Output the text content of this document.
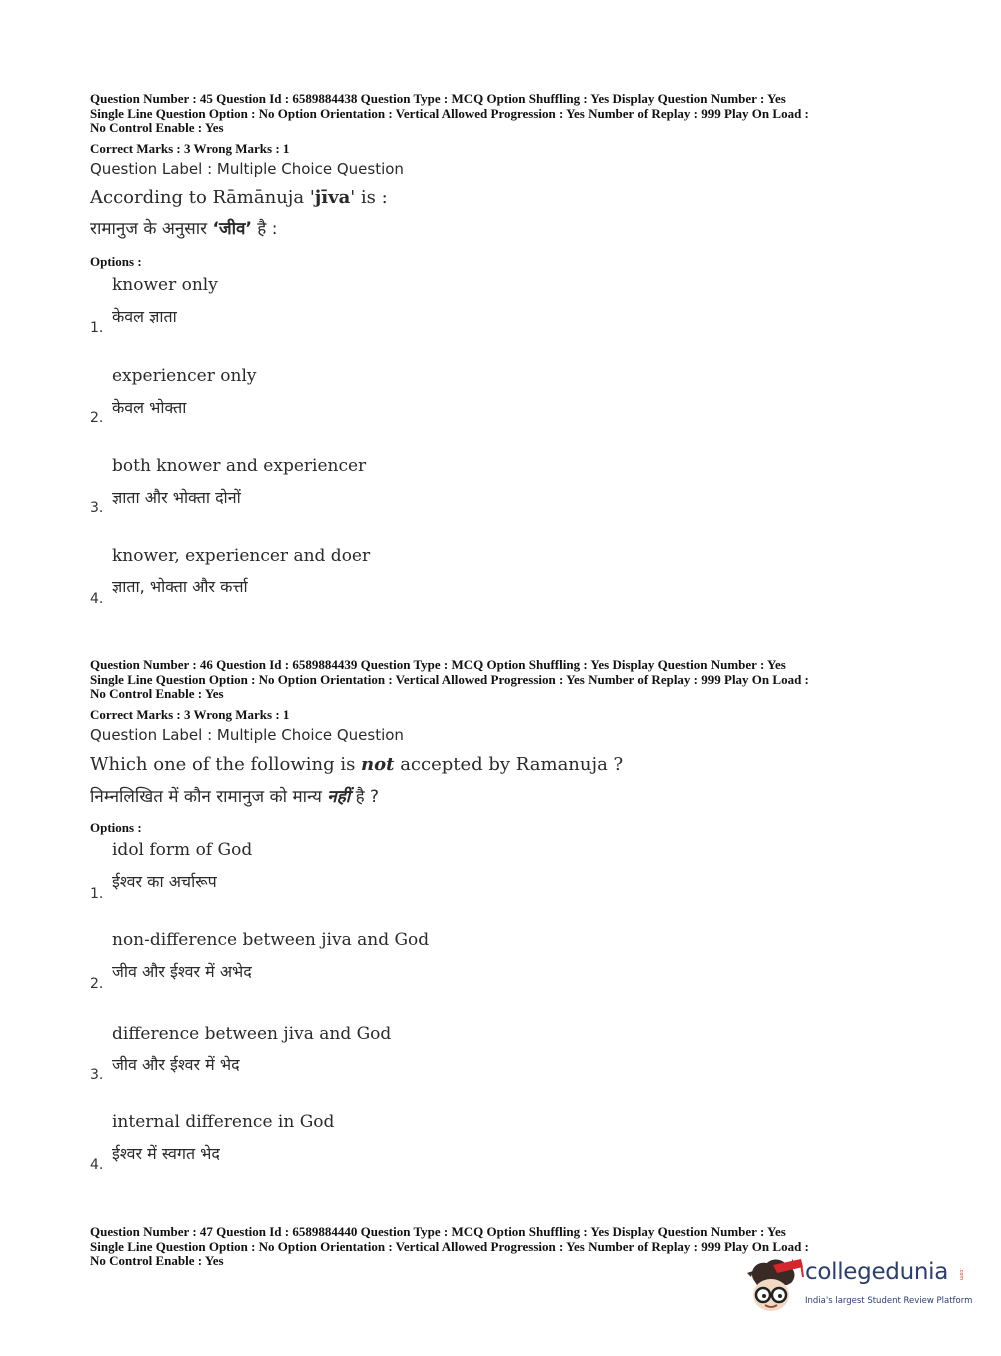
Question Number : 45 Question Id : 6589884438 Question Type : MCQ Option Shuffling : Yes Display Question Number : Yes
Single Line Question Option : No Option Orientation : Vertical Allowed Progression : Yes Number of Replay : 999 Play On Load :
No Control Enable : Yes
Correct Marks : 3 Wrong Marks : 1
Question Label : Multiple Choice Question
According to Rāmānuja 'jīva' is :
रामानुज के अनुसार ‘जीव’ है :
Options :
knower only
केवल ज्ञाता
1.
experiencer only
केवल भोक्ता
2.
both knower and experiencer
ज्ञाता और भोक्ता दोनों
3.
knower, experiencer and doer
ज्ञाता, भोक्ता और कर्त्ता
4.
Question Number : 46 Question Id : 6589884439 Question Type : MCQ Option Shuffling : Yes Display Question Number : Yes
Single Line Question Option : No Option Orientation : Vertical Allowed Progression : Yes Number of Replay : 999 Play On Load :
No Control Enable : Yes
Correct Marks : 3 Wrong Marks : 1
Question Label : Multiple Choice Question
Which one of the following is not accepted by Ramanuja ?
निम्नलिखित में कौन रामानुज को मान्य नहीं है ?
Options :
idol form of God
ईश्वर का अर्चारूप
1.
non-difference between jiva and God
जीव और ईश्वर में अभेद
2.
difference between jiva and God
जीव और ईश्वर में भेद
3.
internal difference in God
ईश्वर में स्वगत भेद
4.
Question Number : 47 Question Id : 6589884440 Question Type : MCQ Option Shuffling : Yes Display Question Number : Yes
Single Line Question Option : No Option Orientation : Vertical Allowed Progression : Yes Number of Replay : 999 Play On Load :
No Control Enable : Yes	collegedunia .com
India's largest Student Review Platform
